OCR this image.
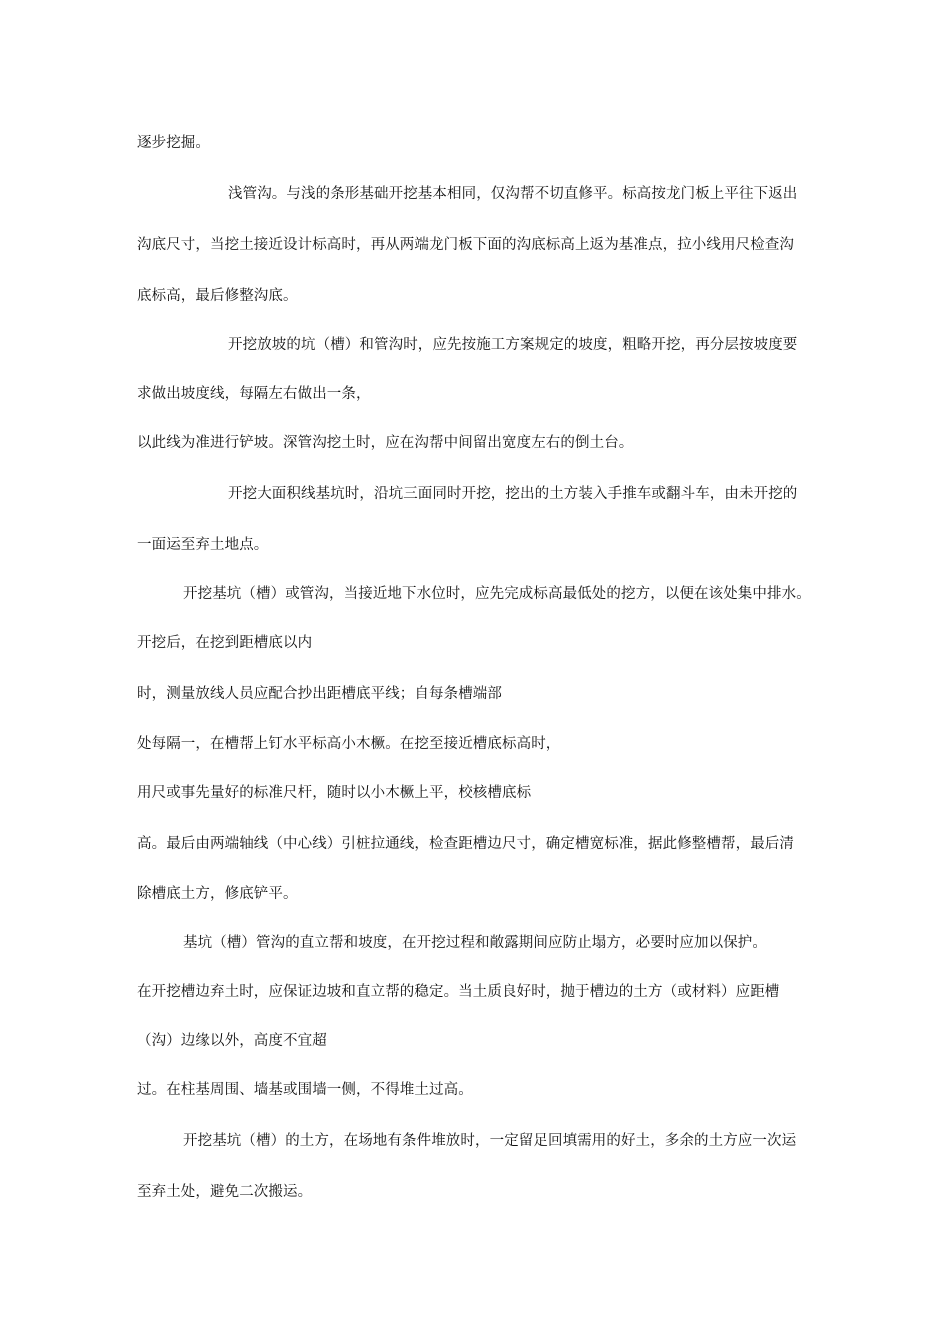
逐步挖掘。
浅管沟。与浅的条形基础开挖基本相同，仅沟帮不切直修平。标高按龙门板上平往下返出
沟底尺寸，当挖土接近设计标高时，再从两端龙门板下面的沟底标高上返为基准点，拉小线用尺检查沟
底标高，最后修整沟底。
开挖放坡的坑（槽）和管沟时，应先按施工方案规定的坡度，粗略开挖，再分层按坡度要
求做出坡度线，每隔左右做出一条，
以此线为准进行铲坡。深管沟挖土时，应在沟帮中间留出宽度左右的倒土台。
开挖大面积线基坑时，沿坑三面同时开挖，挖出的土方装入手推车或翻斗车，由未开挖的
一面运至弃土地点。
开挖基坑（槽）或管沟，当接近地下水位时，应先完成标高最低处的挖方，以便在该处集中排水。
开挖后，在挖到距槽底以内
时，测量放线人员应配合抄出距槽底平线；自每条槽端部
处每隔一，在槽帮上钉水平标高小木橛。在挖至接近槽底标高时，
用尺或事先量好的标准尺杆，随时以小木橛上平，校核槽底标
高。最后由两端轴线（中心线）引桩拉通线，检查距槽边尺寸，确定槽宽标准，据此修整槽帮，最后清
除槽底土方，修底铲平。
基坑（槽）管沟的直立帮和坡度，在开挖过程和敞露期间应防止塌方，必要时应加以保护。
在开挖槽边弃土时，应保证边坡和直立帮的稳定。当土质良好时，抛于槽边的土方（或材料）应距槽
（沟）边缘以外，高度不宜超
过。在柱基周围、墙基或围墙一侧，不得堆土过高。
开挖基坑（槽）的土方，在场地有条件堆放时，一定留足回填需用的好土，多余的土方应一次运
至弃土处，避免二次搬运。
